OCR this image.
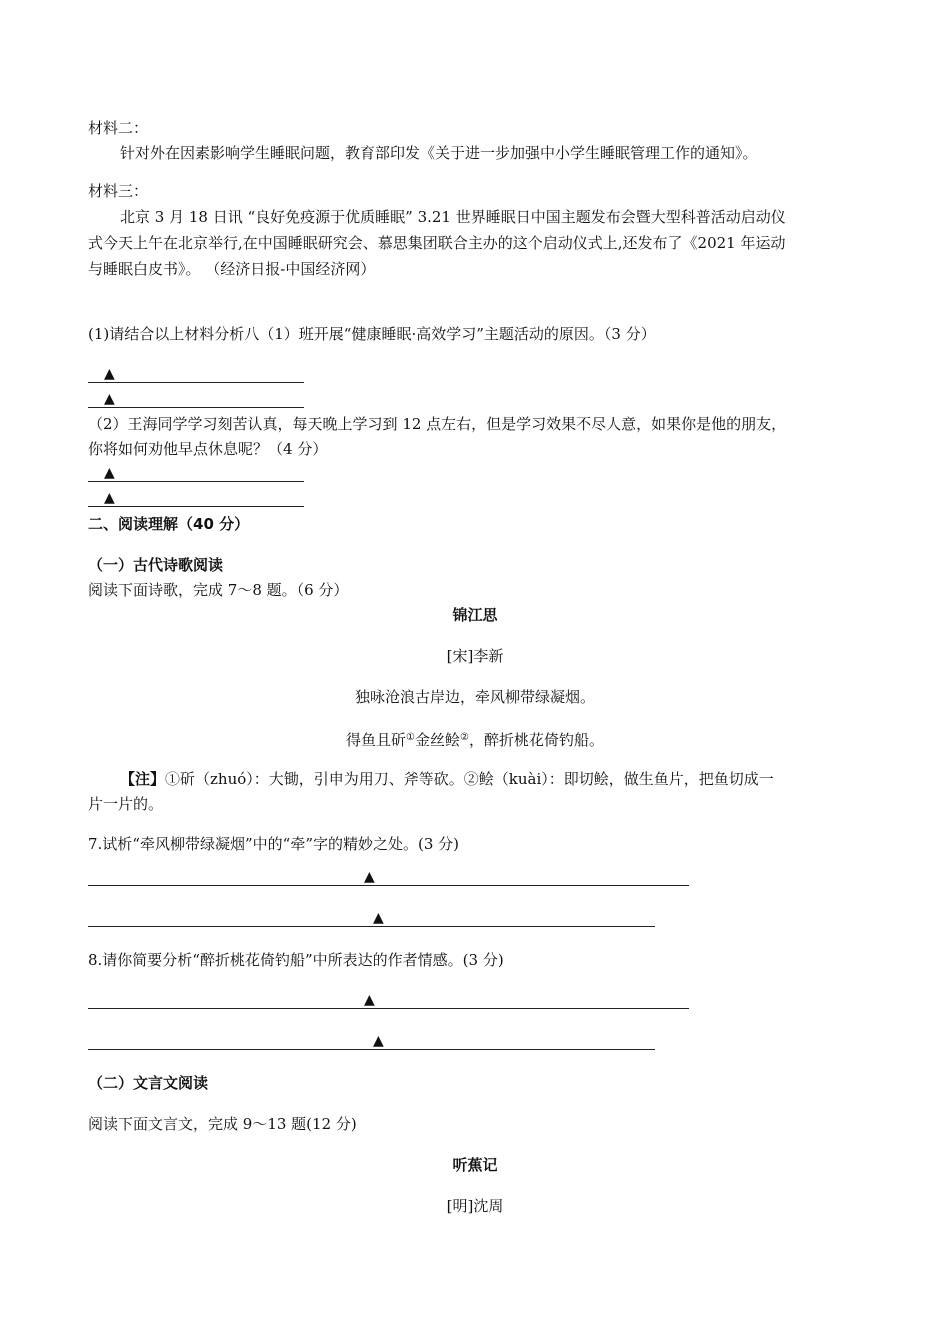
材料二：
针对外在因素影响学生睡眠问题，教育部印发《关于进一步加强中小学生睡眠管理工作的通知》。
材料三：
北京 3 月 18 日讯 “良好免疫源于优质睡眠” 3.21 世界睡眠日中国主题发布会暨大型科普活动启动仪
式今天上午在北京举行,在中国睡眠研究会、慕思集团联合主办的这个启动仪式上,还发布了《2021 年运动
与睡眠白皮书》。 （经济日报-中国经济网）
(1)请结合以上材料分析八（1）班开展“健康睡眠·高效学习”主题活动的原因。（3 分）
▲
▲
（2）王海同学学习刻苦认真，每天晚上学习到 12 点左右，但是学习效果不尽人意，如果你是他的朋友，
你将如何劝他早点休息呢？（4 分）
▲
▲
二、阅读理解（40 分）
（一）古代诗歌阅读
阅读下面诗歌，完成 7～8 题。（6 分）
锦江思
[宋]李新
独咏沧浪古岸边，牵风柳带绿凝烟。
得鱼且斫①金丝鲙②，醉折桃花倚钓船。
【注】①斫（zhuó）：大锄，引申为用刀、斧等砍。②鲙（kuài）：即切鲙，做生鱼片，把鱼切成一
片一片的。
7.试析“牵风柳带绿凝烟”中的“牵”字的精妙之处。(3 分)
▲
▲
8.请你简要分析“醉折桃花倚钓船”中所表达的作者情感。(3 分)
▲
▲
（二）文言文阅读
阅读下面文言文，完成 9～13 题(12 分)
听蕉记
[明]沈周
